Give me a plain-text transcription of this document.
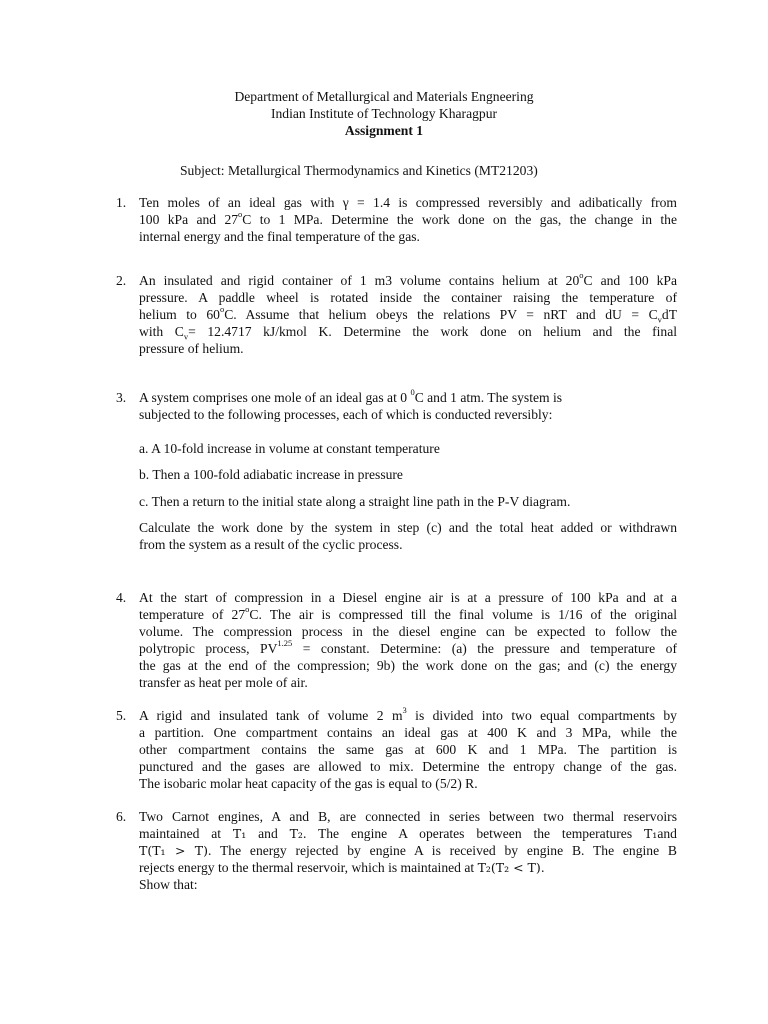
Department of Metallurgical and Materials Engneering
Indian Institute of Technology Kharagpur
Assignment 1
Subject: Metallurgical Thermodynamics and Kinetics (MT21203)
1. Ten moles of an ideal gas with γ = 1.4 is compressed reversibly and adibatically from
100 kPa and 27$^o$C to 1 MPa. Determine the work done on the gas, the change in the
internal energy and the final temperature of the gas.
2. An insulated and rigid container of 1 m3 volume contains helium at 20$^o$C and 100 kPa
pressure. A paddle wheel is rotated inside the container raising the temperature of
helium to 60$^o$C. Assume that helium obeys the relations PV = nRT and dU = $C_vdT$
with $C_v= 12.4717$ kJ/kmol K. Determine the work done on helium and the final
pressure of helium.
3. A system comprises one mole of an ideal gas at 0 $^0$C and 1 atm. The system is
subjected to the following processes, each of which is conducted reversibly:
a. A 10-fold increase in volume at constant temperature
b. Then a 100-fold adiabatic increase in pressure
c. Then a return to the initial state along a straight line path in the P-V diagram.
Calculate the work done by the system in step (c) and the total heat added or withdrawn
from the system as a result of the cyclic process.
4. At the start of compression in a Diesel engine air is at a pressure of 100 kPa and at a
temperature of 27$^o$C. The air is compressed till the final volume is 1/16 of the original
volume. The compression process in the diesel engine can be expected to follow the
polytropic process, $PV^{1.25}$ = constant. Determine: (a) the pressure and temperature of
the gas at the end of the compression; 9b) the work done on the gas; and (c) the energy
transfer as heat per mole of air.
5. A rigid and insulated tank of volume 2 $m^3$ is divided into two equal compartments by
a partition. One compartment contains an ideal gas at 400 K and 3 MPa, while the
other compartment contains the same gas at 600 K and 1 MPa. The partition is
punctured and the gases are allowed to mix. Determine the entropy change of the gas.
The isobaric molar heat capacity of the gas is equal to (5/2) R.
6. Two Carnot engines, A and B, are connected in series between two thermal reservoirs
maintained at T₁ and T₂. The engine A operates between the temperatures T₁and
T(T₁ > T). The energy rejected by engine A is received by engine B. The engine B
rejects energy to the thermal reservoir, which is maintained at T₂(T₂ < T).
Show that:
